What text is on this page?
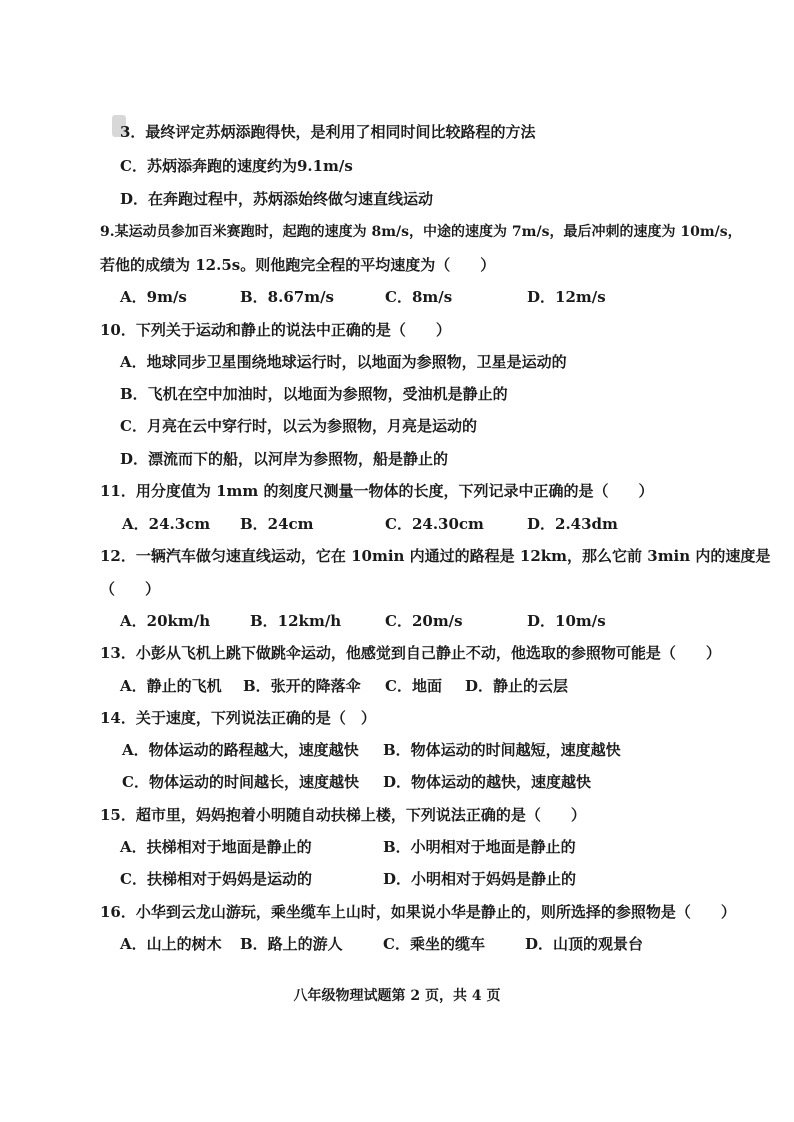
3．最终评定苏炳添跑得快，是利用了相同时间比较路程的方法
C．苏炳添奔跑的速度约为9.1m/s
D．在奔跑过程中，苏炳添始终做匀速直线运动
9.某运动员参加百米赛跑时，起跑的速度为 8m/s，中途的速度为 7m/s，最后冲刺的速度为 10m/s，
若他的成绩为 12.5s。则他跑完全程的平均速度为（　　）
A．9m/s	B．8.67m/s	C．8m/s	D．12m/s
10．下列关于运动和静止的说法中正确的是（　　）
A．地球同步卫星围绕地球运行时，以地面为参照物，卫星是运动的
B．飞机在空中加油时，以地面为参照物，受油机是静止的
C．月亮在云中穿行时，以云为参照物，月亮是运动的
D．漂流而下的船，以河岸为参照物，船是静止的
11．用分度值为 1mm 的刻度尺测量一物体的长度，下列记录中正确的是（　　）
A．24.3cm B．24cm	C．24.30cm	D．2.43dm
12．一辆汽车做匀速直线运动，它在 10min 内通过的路程是 12km，那么它前 3min 内的速度是
（　　）
A．20km/h	B．12km/h	C．20m/s	D．10m/s
13．小彭从飞机上跳下做跳伞运动，他感觉到自己静止不动，他选取的参照物可能是（　　）
A．静止的飞机 B．张开的降落伞 C．地面 D．静止的云层
14．关于速度，下列说法正确的是（　）
A．物体运动的路程越大，速度越快 B．物体运动的时间越短，速度越快
C．物体运动的时间越长，速度越快 D．物体运动的越快，速度越快
15．超市里，妈妈抱着小明随自动扶梯上楼，下列说法正确的是（　　）
A．扶梯相对于地面是静止的	B．小明相对于地面是静止的
C．扶梯相对于妈妈是运动的	D．小明相对于妈妈是静止的
16．小华到云龙山游玩，乘坐缆车上山时，如果说小华是静止的，则所选择的参照物是（　　）
A．山上的树木 B．路上的游人	C．乘坐的缆车	D．山顶的观景台
八年级物理试题第 2 页，共 4 页
